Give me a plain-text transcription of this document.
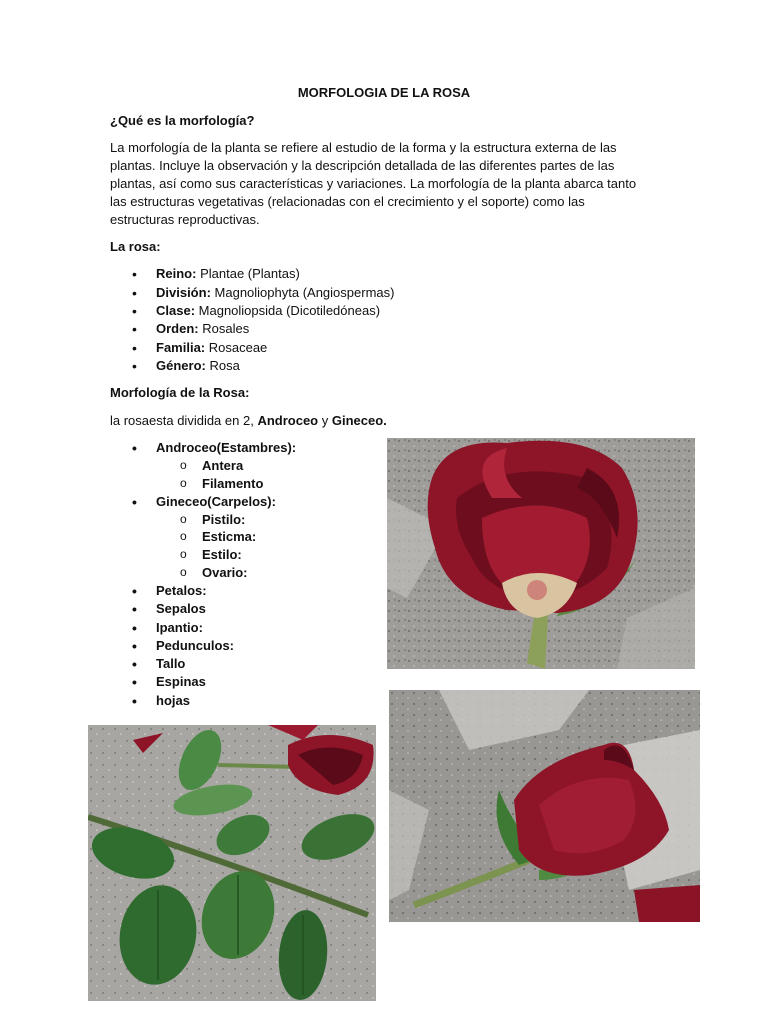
MORFOLOGIA DE LA ROSA
¿Qué es la morfología?

La morfología de la planta se refiere al estudio de la forma y la estructura externa de las plantas. Incluye la observación y la descripción detallada de las diferentes partes de las plantas, así como sus características y variaciones. La morfología de la planta abarca tanto las estructuras vegetativas (relacionadas con el crecimiento y el soporte) como las estructuras reproductivas.

La rosa:
• Reino: Plantae (Plantas)
• División: Magnoliophyta (Angiospermas)
• Clase: Magnoliopsida (Dicotiledóneas)
• Orden: Rosales
• Familia: Rosaceae
• Género: Rosa
Morfología de la Rosa:
la rosaesta dividida en 2, Androceo y Gineceo.
• Androceo(Estambres):
o Antera
o Filamento
• Gineceo(Carpelos):
o Pistilo:
o Esticma:
o Estilo:
o Ovario:
• Petalos:
• Sepalos
• Ipantio:
• Pedunculos:
• Tallo
• Espinas
• hojas
